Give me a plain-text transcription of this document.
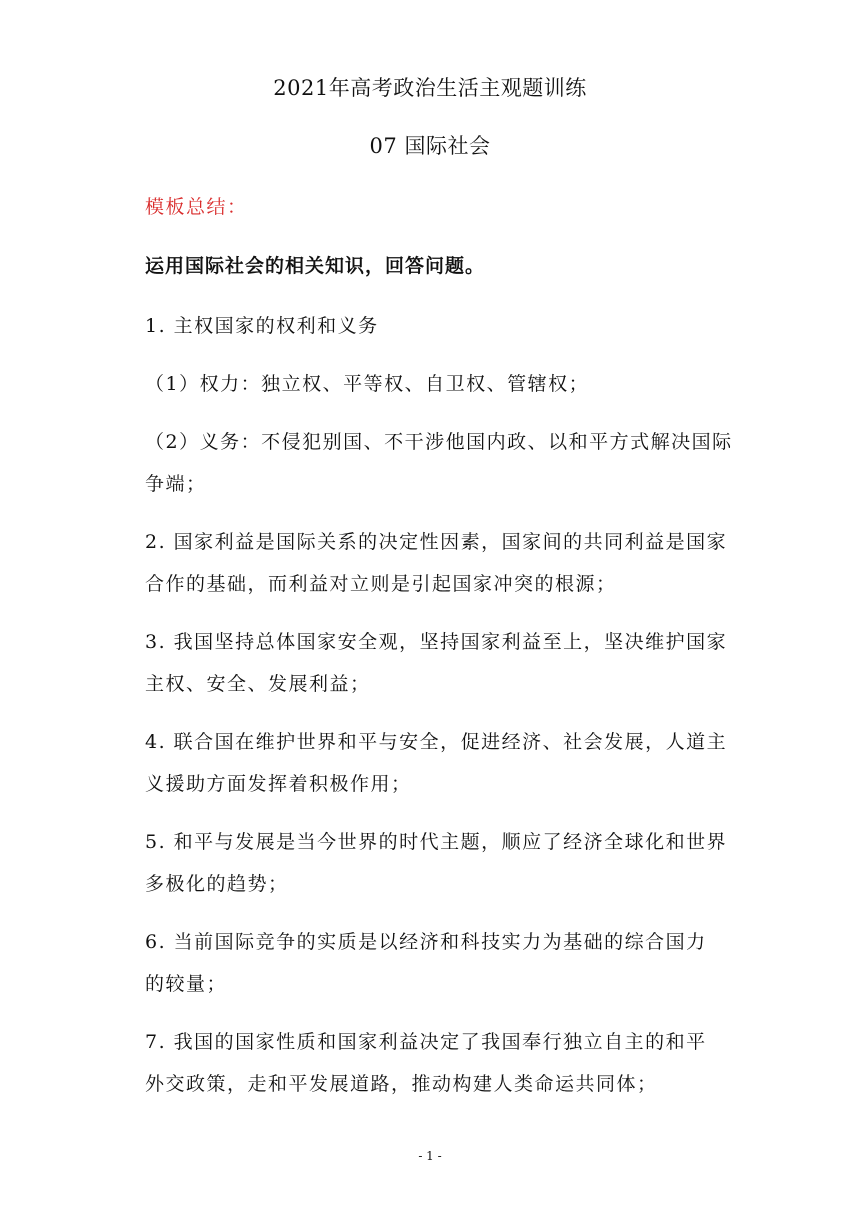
2021年高考政治生活主观题训练
07 国际社会
模板总结：
运用国际社会的相关知识，回答问题。
1. 主权国家的权利和义务
（1）权力：独立权、平等权、自卫权、管辖权；
（2）义务：不侵犯别国、不干涉他国内政、以和平方式解决国际
争端；
2. 国家利益是国际关系的决定性因素，国家间的共同利益是国家
合作的基础，而利益对立则是引起国家冲突的根源；
3. 我国坚持总体国家安全观，坚持国家利益至上，坚决维护国家
主权、安全、发展利益；
4. 联合国在维护世界和平与安全，促进经济、社会发展，人道主
义援助方面发挥着积极作用；
5. 和平与发展是当今世界的时代主题，顺应了经济全球化和世界
多极化的趋势；
6. 当前国际竞争的实质是以经济和科技实力为基础的综合国力
的较量；
7. 我国的国家性质和国家利益决定了我国奉行独立自主的和平
外交政策，走和平发展道路，推动构建人类命运共同体；
- 1 -
